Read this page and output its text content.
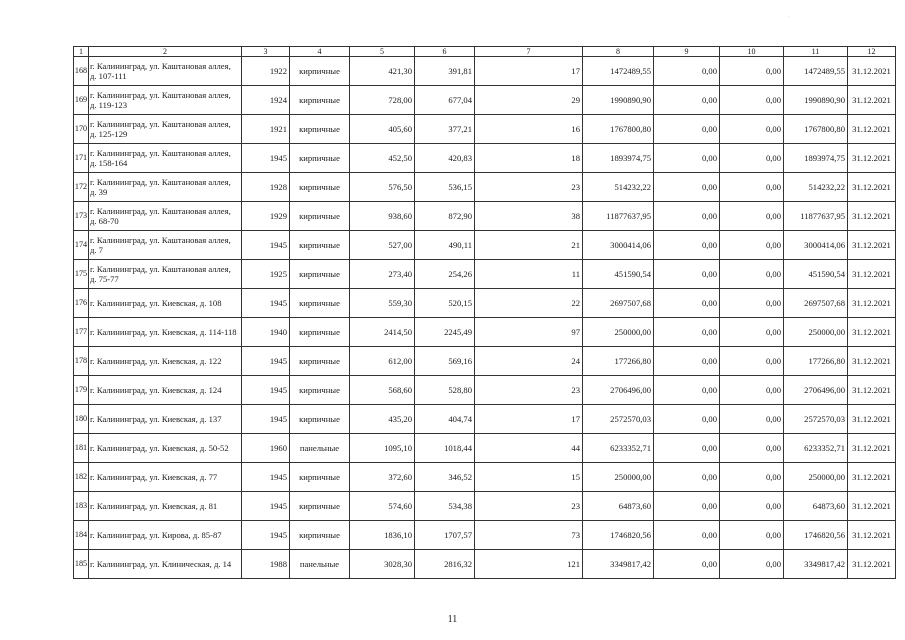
·
1	2	3	4	5	6	7	8	9	10	11	12
168	г. Калининград, ул. Каштановая аллея, д. 107-111	1922	кирпичные	421,30	391,81	17	1472489,55	0,00	0,00	1472489,55	31.12.2021
169	г. Калининград, ул. Каштановая аллея, д. 119-123	1924	кирпичные	728,00	677,04	29	1990890,90	0,00	0,00	1990890,90	31.12.2021
170	г. Калининград, ул. Каштановая аллея, д. 125-129	1921	кирпичные	405,60	377,21	16	1767800,80	0,00	0,00	1767800,80	31.12.2021
171	г. Калининград, ул. Каштановая аллея, д. 158-164	1945	кирпичные	452,50	420,83	18	1893974,75	0,00	0,00	1893974,75	31.12.2021
172	г. Калининград, ул. Каштановая аллея, д. 39	1928	кирпичные	576,50	536,15	23	514232,22	0,00	0,00	514232,22	31.12.2021
173	г. Калининград, ул. Каштановая аллея, д. 68-70	1929	кирпичные	938,60	872,90	38	11877637,95	0,00	0,00	11877637,95	31.12.2021
174	г. Калининград, ул. Каштановая аллея, д. 7	1945	кирпичные	527,00	490,11	21	3000414,06	0,00	0,00	3000414,06	31.12.2021
175	г. Калининград, ул. Каштановая аллея, д. 75-77	1925	кирпичные	273,40	254,26	11	451590,54	0,00	0,00	451590,54	31.12.2021
176	г. Калининград, ул. Киевская, д. 108	1945	кирпичные	559,30	520,15	22	2697507,68	0,00	0,00	2697507,68	31.12.2021
177	г. Калининград, ул. Киевская, д. 114-118	1940	кирпичные	2414,50	2245,49	97	250000,00	0,00	0,00	250000,00	31.12.2021
178	г. Калининград, ул. Киевская, д. 122	1945	кирпичные	612,00	569,16	24	177266,80	0,00	0,00	177266,80	31.12.2021
179	г. Калининград, ул. Киевская, д. 124	1945	кирпичные	568,60	528,80	23	2706496,00	0,00	0,00	2706496,00	31.12.2021
180	г. Калининград, ул. Киевская, д. 137	1945	кирпичные	435,20	404,74	17	2572570,03	0,00	0,00	2572570,03	31.12.2021
181	г. Калининград, ул. Киевская, д. 50-52	1960	панельные	1095,10	1018,44	44	6233352,71	0,00	0,00	6233352,71	31.12.2021
182	г. Калининград, ул. Киевская, д. 77	1945	кирпичные	372,60	346,52	15	250000,00	0,00	0,00	250000,00	31.12.2021
183	г. Калининград, ул. Киевская, д. 81	1945	кирпичные	574,60	534,38	23	64873,60	0,00	0,00	64873,60	31.12.2021
184	г. Калининград, ул. Кирова, д. 85-87	1945	кирпичные	1836,10	1707,57	73	1746820,56	0,00	0,00	1746820,56	31.12.2021
185	г. Калининград, ул. Клиническая, д. 14	1988	панельные	3028,30	2816,32	121	3349817,42	0,00	0,00	3349817,42	31.12.2021
11
